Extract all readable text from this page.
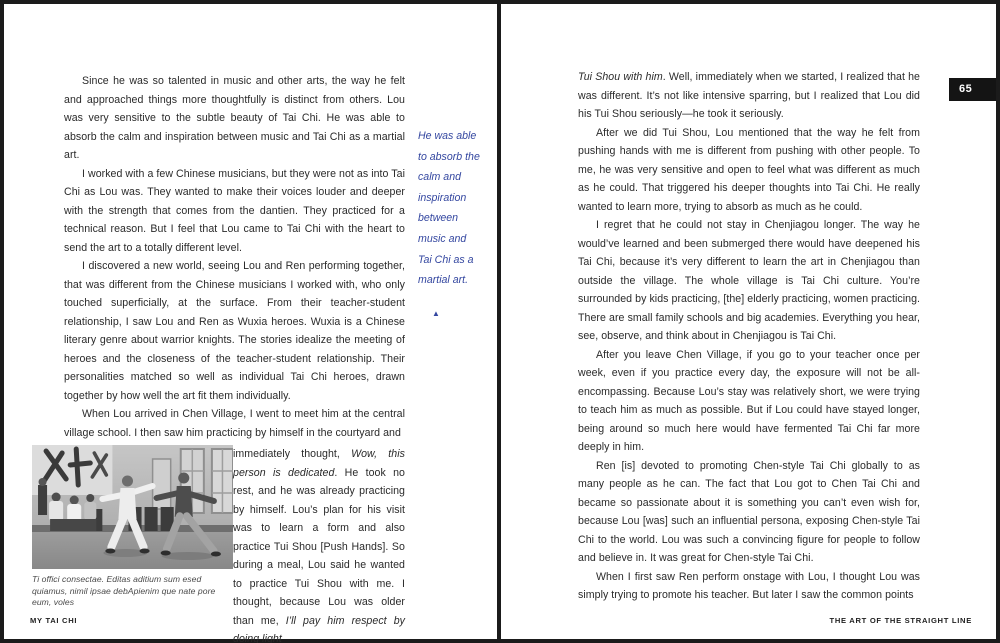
Since he was so talented in music and other arts, the way he felt and approached things more thoughtfully is distinct from others. Lou was very sensitive to the subtle beauty of Tai Chi. He was able to absorb the calm and inspiration between music and Tai Chi as a martial art.

I worked with a few Chinese musicians, but they were not as into Tai Chi as Lou was. They wanted to make their voices louder and deeper with the strength that comes from the dantien. They practiced for a technical reason. But I feel that Lou came to Tai Chi with the heart to send the art to a totally different level.

I discovered a new world, seeing Lou and Ren performing together, that was different from the Chinese musicians I worked with, who only touched superficially, at the surface. From their teacher-student relationship, I saw Lou and Ren as Wuxia heroes. Wuxia is a Chinese literary genre about warrior knights. The stories idealize the meeting of heroes and the closeness of the teacher-student relationship. Their personalities matched so well as individual Tai Chi heroes, drawn together by how well the art fit them individually.

When Lou arrived in Chen Village, I went to meet him at the central village school. I then saw him practicing by himself in the courtyard and

Ti offici consectae. Editas aditium sum esed quiamus, nimil ipsae debApienim que nate pore eum, voles

immediately thought, Wow, this person is dedicated. He took no rest, and he was already practicing by himself. Lou’s plan for his visit was to learn a form and also practice Tui Shou [Push Hands]. So during a meal, Lou said he wanted to practice Tui Shou with me. I thought, because Lou was older than me, I’ll pay him respect by doing light

He was able to absorb the calm and inspiration between music and Tai Chi as a martial art.

▲
MY TAI CHI

Tui Shou with him. Well, immediately when we started, I realized that he was different. It’s not like intensive sparring, but I realized that Lou did his Tui Shou seriously—he took it seriously.

After we did Tui Shou, Lou mentioned that the way he felt from pushing hands with me is different from pushing with other people. To me, he was very sensitive and open to feel what was different as much as he could. That triggered his deeper thoughts into Tai Chi. He really wanted to learn more, trying to absorb as much as he could.

I regret that he could not stay in Chenjiagou longer. The way he would’ve learned and been submerged there would have deepened his Tai Chi, because it’s very different to learn the art in Chenjiagou than outside the village. The whole village is Tai Chi culture. You’re surrounded by kids practicing, [the] elderly practicing, women practicing. There are small family schools and big academies. Everything you hear, see, observe, and think about in Chenjiagou is Tai Chi.

After you leave Chen Village, if you go to your teacher once per week, even if you practice every day, the exposure will not be all-encompassing. Because Lou’s stay was relatively short, we were trying to teach him as much as possible. But if Lou could have stayed longer, being around so much here would have fermented Tai Chi far more deeply in him.

Ren [is] devoted to promoting Chen-style Tai Chi globally to as many people as he can. The fact that Lou got to Chen Tai Chi and became so passionate about it is something you can’t even wish for, because Lou [was] such an influential persona, exposing Chen-style Tai Chi to the world. Lou was such a convincing figure for people to follow and believe in. It was great for Chen-style Tai Chi.

When I first saw Ren perform onstage with Lou, I thought Lou was simply trying to promote his teacher. But later I saw the common points

65
THE ART OF THE STRAIGHT LINE
